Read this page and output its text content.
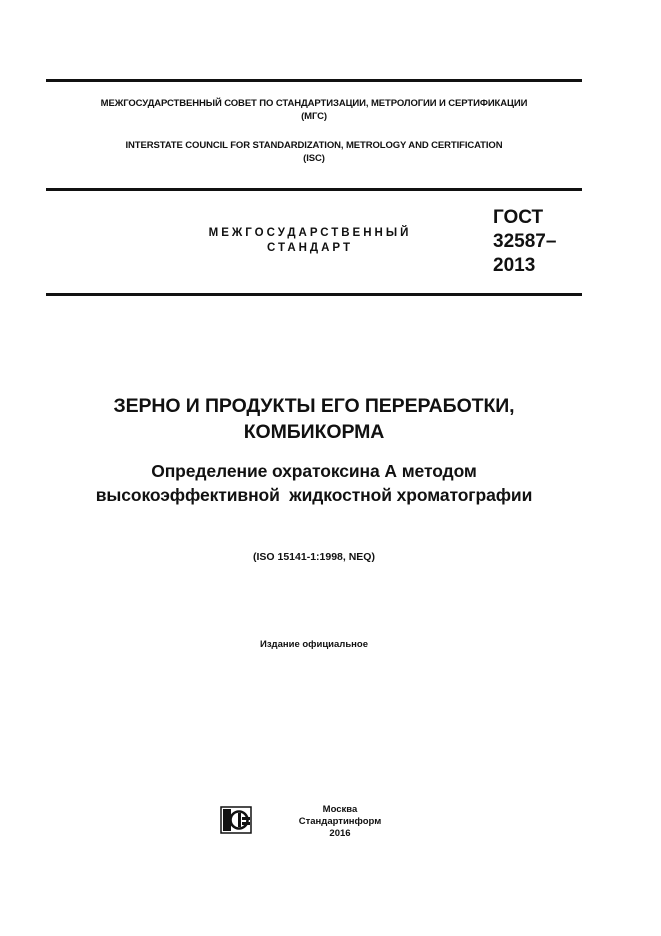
МЕЖГОСУДАРСТВЕННЫЙ СОВЕТ ПО СТАНДАРТИЗАЦИИ, МЕТРОЛОГИИ И СЕРТИФИКАЦИИ
(МГС)
INTERSTATE COUNCIL FOR STANDARDIZATION, METROLOGY AND CERTIFICATION
(ISC)
МЕЖГОСУДАРСТВЕННЫЙ
СТАНДАРТ
ГОСТ
32587–
2013
ЗЕРНО И ПРОДУКТЫ ЕГО ПЕРЕРАБОТКИ,
КОМБИКОРМА
Определение охратоксина А методом
высокоэффективной  жидкостной хроматографии
(ISO 15141-1:1998, NEQ)
Издание официальное
Москва
Стандартинформ
2016
